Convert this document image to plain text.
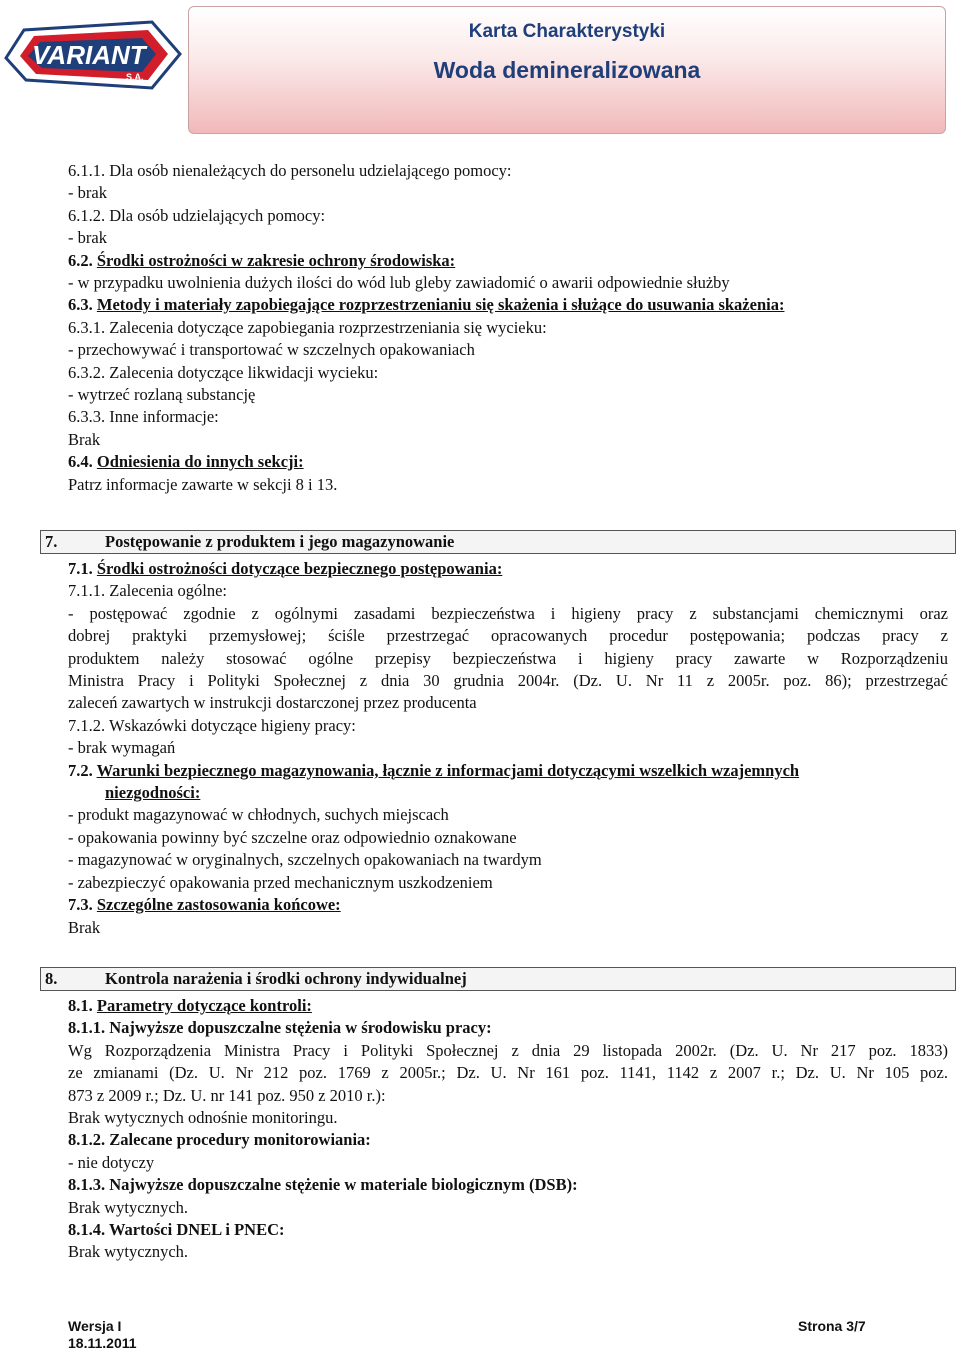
VARIANT
S.A.
Karta Charakterystyki
Woda demineralizowana
6.1.1. Dla osób nienależących do personelu udzielającego pomocy:
- brak
6.1.2. Dla osób udzielających pomocy:
- brak
6.2. Środki ostrożności w zakresie ochrony środowiska:
- w przypadku uwolnienia dużych ilości do wód lub gleby zawiadomić o awarii odpowiednie służby
6.3. Metody i materiały zapobiegające rozprzestrzenianiu się skażenia i służące do usuwania skażenia:
6.3.1. Zalecenia dotyczące zapobiegania rozprzestrzeniania się wycieku:
- przechowywać i transportować w szczelnych opakowaniach
6.3.2. Zalecenia dotyczące likwidacji wycieku:
- wytrzeć rozlaną substancję
6.3.3. Inne informacje:
Brak
6.4. Odniesienia do innych sekcji:
Patrz informacje zawarte w sekcji 8 i 13.
7.	Postępowanie z produktem i jego magazynowanie
7.1. Środki ostrożności dotyczące bezpiecznego postępowania:
7.1.1. Zalecenia ogólne:
- postępować zgodnie z ogólnymi zasadami bezpieczeństwa i higieny pracy z substancjami chemicznymi oraz
dobrej praktyki przemysłowej; ściśle przestrzegać opracowanych procedur postępowania; podczas pracy z
produktem należy stosować ogólne przepisy bezpieczeństwa i higieny pracy zawarte w Rozporządzeniu
Ministra Pracy i Polityki Społecznej z dnia 30 grudnia 2004r. (Dz. U. Nr 11 z 2005r. poz. 86); przestrzegać
zaleceń zawartych w instrukcji dostarczonej przez producenta
7.1.2. Wskazówki dotyczące higieny pracy:
- brak wymagań
7.2. Warunki bezpiecznego magazynowania, łącznie z informacjami dotyczącymi wszelkich wzajemnych
niezgodności:
- produkt magazynować w chłodnych, suchych miejscach
- opakowania powinny być szczelne oraz odpowiednio oznakowane
- magazynować w oryginalnych, szczelnych opakowaniach na twardym
- zabezpieczyć opakowania przed mechanicznym uszkodzeniem
7.3. Szczególne zastosowania końcowe:
Brak
8.	Kontrola narażenia i środki ochrony indywidualnej
8.1. Parametry dotyczące kontroli:
8.1.1. Najwyższe dopuszczalne stężenia w środowisku pracy:
Wg Rozporządzenia Ministra Pracy i Polityki Społecznej z dnia 29 listopada 2002r. (Dz. U. Nr 217 poz. 1833)
ze zmianami (Dz. U. Nr 212 poz. 1769 z 2005r.; Dz. U. Nr 161 poz. 1141, 1142 z 2007 r.; Dz. U. Nr 105 poz.
873 z 2009 r.; Dz. U. nr 141 poz. 950 z 2010 r.):
Brak wytycznych odnośnie monitoringu.
8.1.2. Zalecane procedury monitorowiania:
- nie dotyczy
8.1.3. Najwyższe dopuszczalne stężenie w materiale biologicznym (DSB):
Brak wytycznych.
8.1.4. Wartości DNEL i PNEC:
Brak wytycznych.
Wersja I
18.11.2011
Strona 3/7
